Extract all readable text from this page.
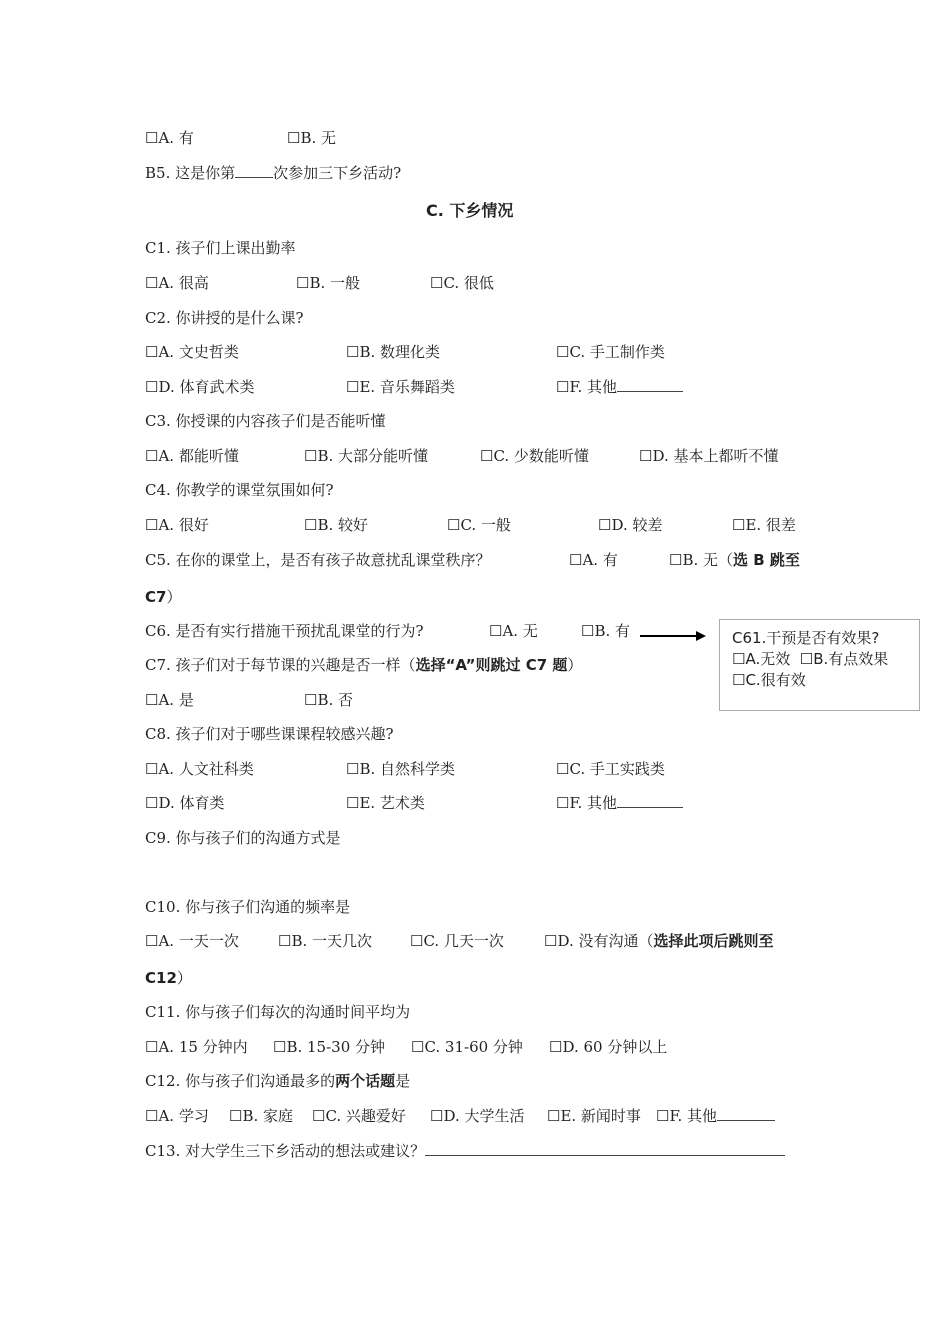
☐A. 有	☐B. 无
B5. 这是你第	次参加三下乡活动?
C. 下乡情况
C1. 孩子们上课出勤率
☐A. 很高	☐B. 一般	☐C. 很低
C2. 你讲授的是什么课?
☐A. 文史哲类	☐B. 数理化类	☐C. 手工制作类
☐D. 体育武术类	☐E. 音乐舞蹈类	☐F. 其他
C3. 你授课的内容孩子们是否能听懂
☐A. 都能听懂	☐B. 大部分能听懂	☐C. 少数能听懂	☐D. 基本上都听不懂
C4. 你教学的课堂氛围如何?
☐A. 很好	☐B. 较好	☐C. 一般	☐D. 较差	☐E. 很差
C5. 在你的课堂上，是否有孩子故意扰乱课堂秩序？	☐A. 有	☐B. 无（选 B 跳至
C7）
C6. 是否有实行措施干预扰乱课堂的行为?	☐A. 无	☐B. 有	C61.干预是否有效果?
☐A.无效 ☐B.有点效果
☐C.很有效
C7. 孩子们对于每节课的兴趣是否一样（选择“A”则跳过 C7 题）
☐A. 是	☐B. 否
C8. 孩子们对于哪些课课程较感兴趣?
☐A. 人文社科类	☐B. 自然科学类	☐C. 手工实践类
☐D. 体育类	☐E. 艺术类	☐F. 其他
C9. 你与孩子们的沟通方式是
C10. 你与孩子们沟通的频率是
☐A. 一天一次	☐B. 一天几次	☐C. 几天一次	☐D. 没有沟通（选择此项后跳则至
C12）
C11. 你与孩子们每次的沟通时间平均为
☐A. 15 分钟内 ☐B. 15-30 分钟 ☐C. 31-60 分钟 ☐D. 60 分钟以上
C12. 你与孩子们沟通最多的两个话题是
☐A. 学习 ☐B. 家庭 ☐C. 兴趣爱好 ☐D. 大学生活 ☐E. 新闻时事 ☐F. 其他
C13. 对大学生三下乡活动的想法或建议？
